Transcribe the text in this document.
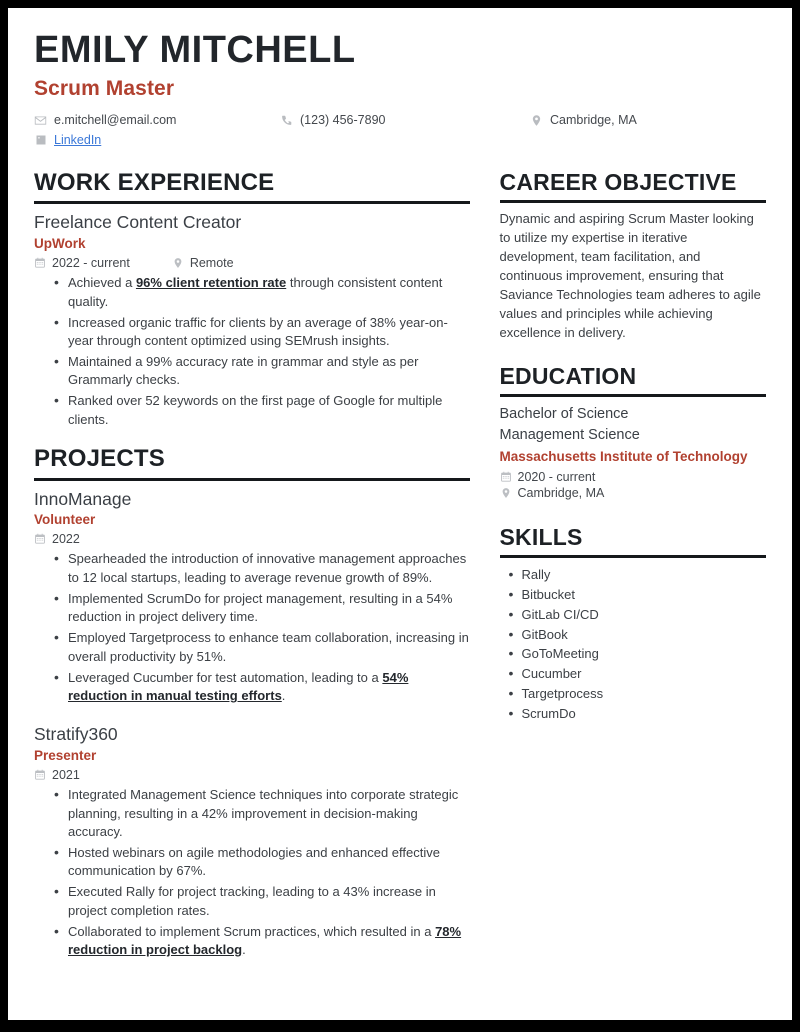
EMILY MITCHELL
Scrum Master
e.mitchell@email.com	(123) 456-7890	Cambridge, MA
LinkedIn
WORK EXPERIENCE
Freelance Content Creator
UpWork
2022 - current	Remote
• Achieved a 96% client retention rate through consistent content quality.
• Increased organic traffic for clients by an average of 38% year-on-year through content optimized using SEMrush insights.
• Maintained a 99% accuracy rate in grammar and style as per Grammarly checks.
• Ranked over 52 keywords on the first page of Google for multiple clients.
PROJECTS
InnoManage
Volunteer
2022
• Spearheaded the introduction of innovative management approaches to 12 local startups, leading to average revenue growth of 89%.
• Implemented ScrumDo for project management, resulting in a 54% reduction in project delivery time.
• Employed Targetprocess to enhance team collaboration, increasing in overall productivity by 51%.
• Leveraged Cucumber for test automation, leading to a 54% reduction in manual testing efforts.
Stratify360
Presenter
2021
• Integrated Management Science techniques into corporate strategic planning, resulting in a 42% improvement in decision-making accuracy.
• Hosted webinars on agile methodologies and enhanced effective communication by 67%.
• Executed Rally for project tracking, leading to a 43% increase in project completion rates.
• Collaborated to implement Scrum practices, which resulted in a 78% reduction in project backlog.
CAREER OBJECTIVE
Dynamic and aspiring Scrum Master looking to utilize my expertise in iterative development, team facilitation, and continuous improvement, ensuring that Saviance Technologies team adheres to agile values and principles while achieving excellence in delivery.
EDUCATION
Bachelor of Science
Management Science
Massachusetts Institute of Technology
2020 - current
Cambridge, MA
SKILLS
• Rally
• Bitbucket
• GitLab CI/CD
• GitBook
• GoToMeeting
• Cucumber
• Targetprocess
• ScrumDo
